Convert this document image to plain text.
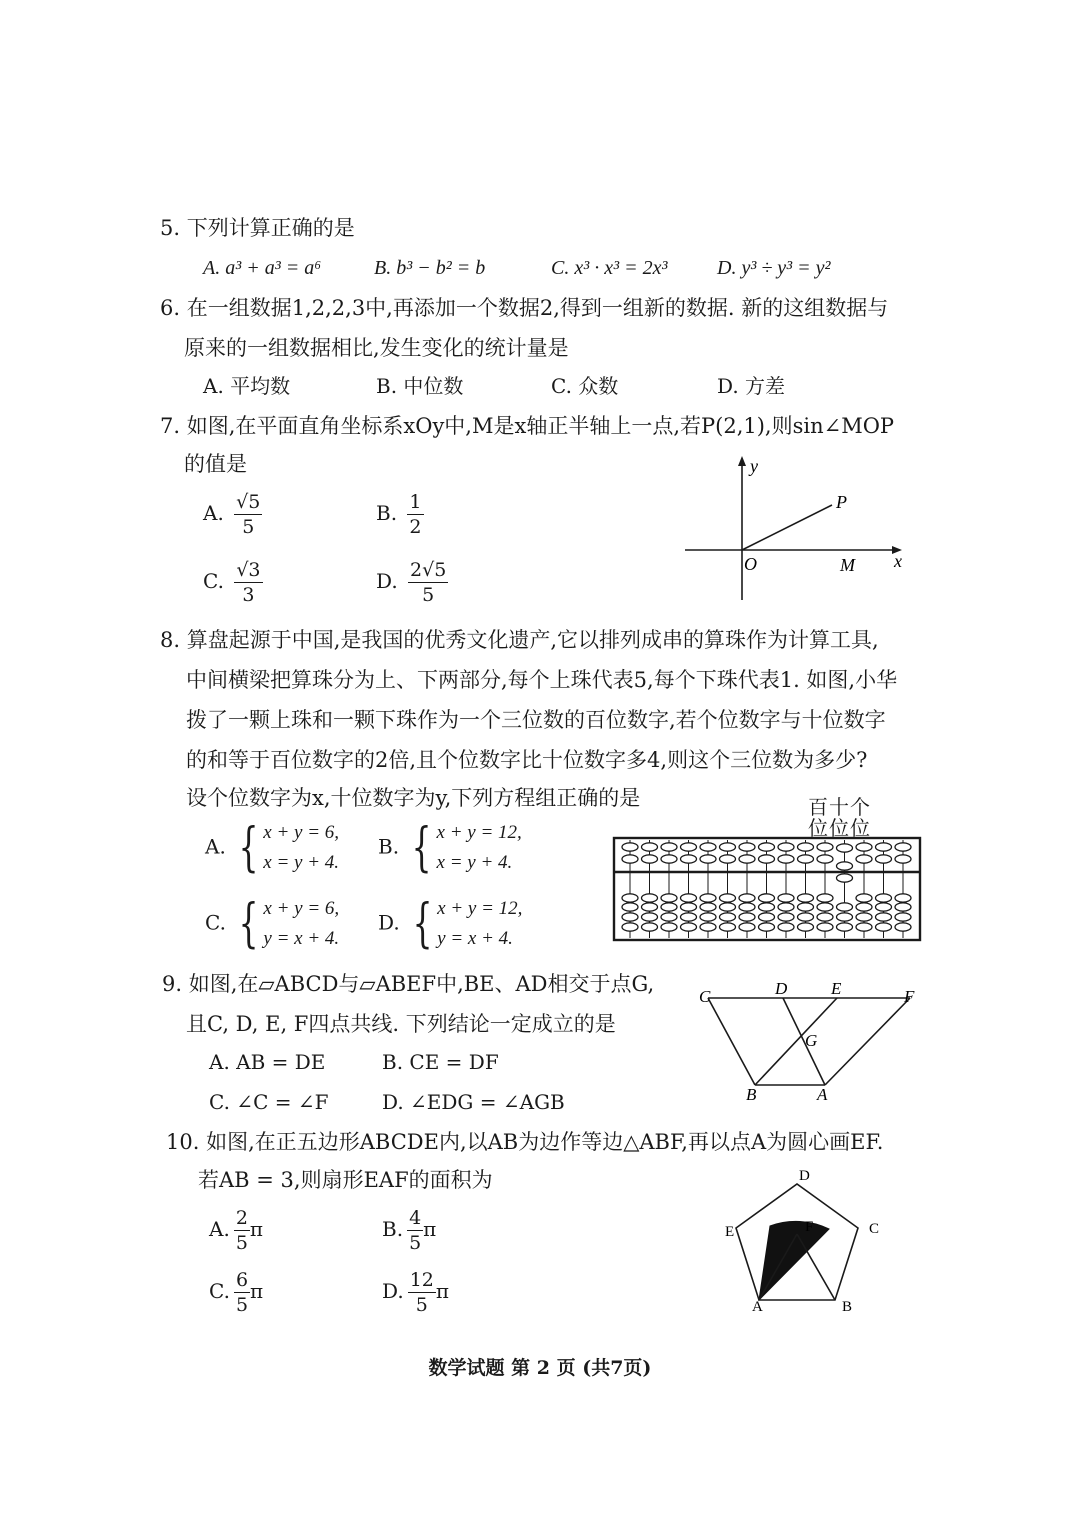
5. 下列计算正确的是
A. a³ + a³ = a⁶	B. b³ − b² = b	C. x³ · x³ = 2x³ D. y³ ÷ y³ = y²
6. 在一组数据1,2,2,3中,再添加一个数据2,得到一组新的数据. 新的这组数据与
原来的一组数据相比,发生变化的统计量是
A. 平均数	B. 中位数	C. 众数	D. 方差
7. 如图,在平面直角坐标系xOy中,M是x轴正半轴上一点,若P(2,1),则sin∠MOP
的值是
A. $\frac{√5}{5}$	B. $\frac{1}{2}$
C. $\frac{√3}{3}$	D. $\frac{2√5}{5}$
y
x
O	M
P
8. 算盘起源于中国,是我国的优秀文化遗产,它以排列成串的算珠作为计算工具,
中间横梁把算珠分为上、下两部分,每个上珠代表5,每个下珠代表1. 如图,小华
拨了一颗上珠和一颗下珠作为一个三位数的百位数字,若个位数字与十位数字
的和等于百位数字的2倍,且个位数字比十位数字多4,则这个三位数为多少?
设个位数字为x,十位数字为y,下列方程组正确的是
A. { x + y = 6,
x = y + 4.
B. { x + y = 12,
x = y + 4.
C. { x + y = 6,
y = x + 4.
D. { x + y = 12,
y = x + 4.
百十个
位位位
9. 如图,在▱ABCD与▱ABEF中,BE、AD相交于点G,
且C, D, E, F四点共线. 下列结论一定成立的是
A. AB = DE	B. CE = DF
C. ∠C = ∠F	D. ∠EDG = ∠AGB
C	D	E	F
G
B	A
10. 如图,在正五边形ABCDE内,以AB为边作等边△ABF,再以点A为圆心画EF.
若AB = 3,则扇形EAF的面积为
A. $\frac{2}{5}$ π	B. $\frac{4}{5}$ π
C. $\frac{6}{5}$ π	D. $\frac{12}{5}$ π
A	B
C
D
E	F
数学试题 第 2 页 (共7页)
